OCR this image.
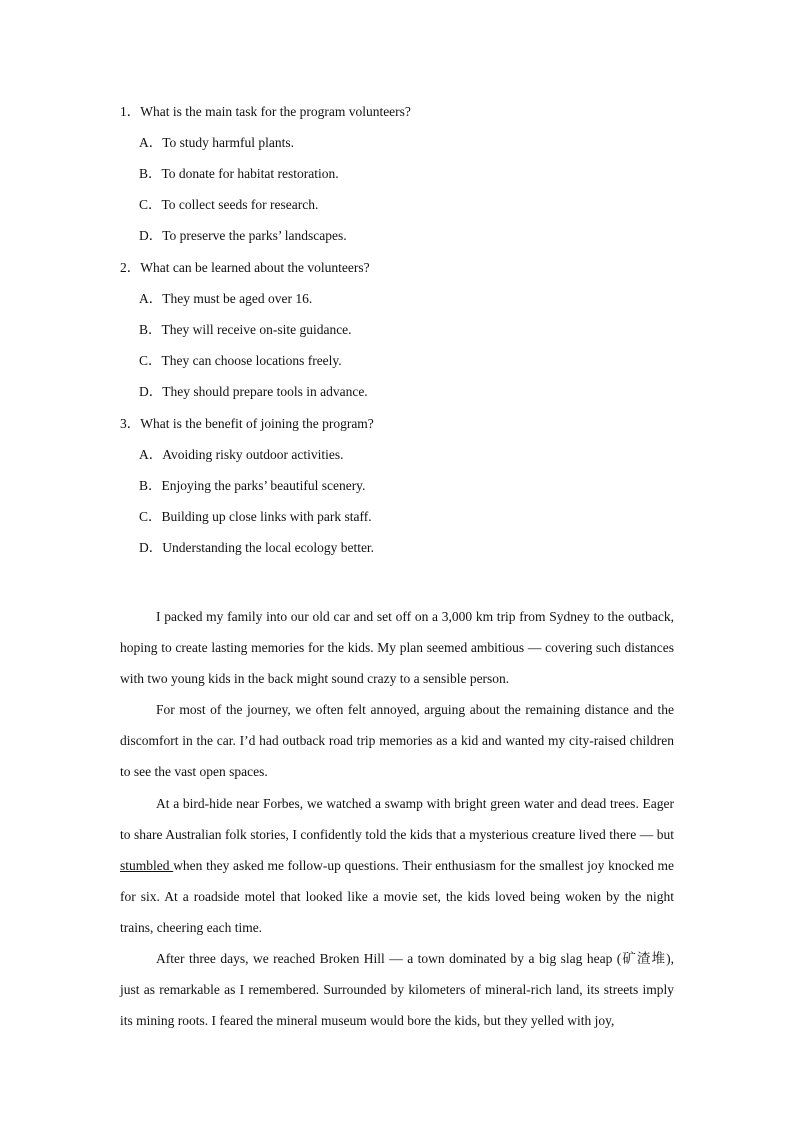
1．What is the main task for the program volunteers?
A．To study harmful plants.
B．To donate for habitat restoration.
C．To collect seeds for research.
D．To preserve the parks’ landscapes.
2．What can be learned about the volunteers?
A．They must be aged over 16.
B．They will receive on-site guidance.
C．They can choose locations freely.
D．They should prepare tools in advance.
3．What is the benefit of joining the program?
A．Avoiding risky outdoor activities.
B．Enjoying the parks’ beautiful scenery.
C．Building up close links with park staff.
D．Understanding the local ecology better.

I packed my family into our old car and set off on a 3,000 km trip from Sydney to the outback, hoping to create lasting memories for the kids. My plan seemed ambitious — covering such distances with two young kids in the back might sound crazy to a sensible person.

For most of the journey, we often felt annoyed, arguing about the remaining distance and the discomfort in the car. I’d had outback road trip memories as a kid and wanted my city-raised children to see the vast open spaces.

At a bird-hide near Forbes, we watched a swamp with bright green water and dead trees. Eager to share Australian folk stories, I confidently told the kids that a mysterious creature lived there — but stumbled when they asked me follow-up questions. Their enthusiasm for the smallest joy knocked me for six. At a roadside motel that looked like a movie set, the kids loved being woken by the night trains, cheering each time.

After three days, we reached Broken Hill — a town dominated by a big slag heap (矿渣堆), just as remarkable as I remembered. Surrounded by kilometers of mineral-rich land, its streets imply its mining roots. I feared the mineral museum would bore the kids, but they yelled with joy,
